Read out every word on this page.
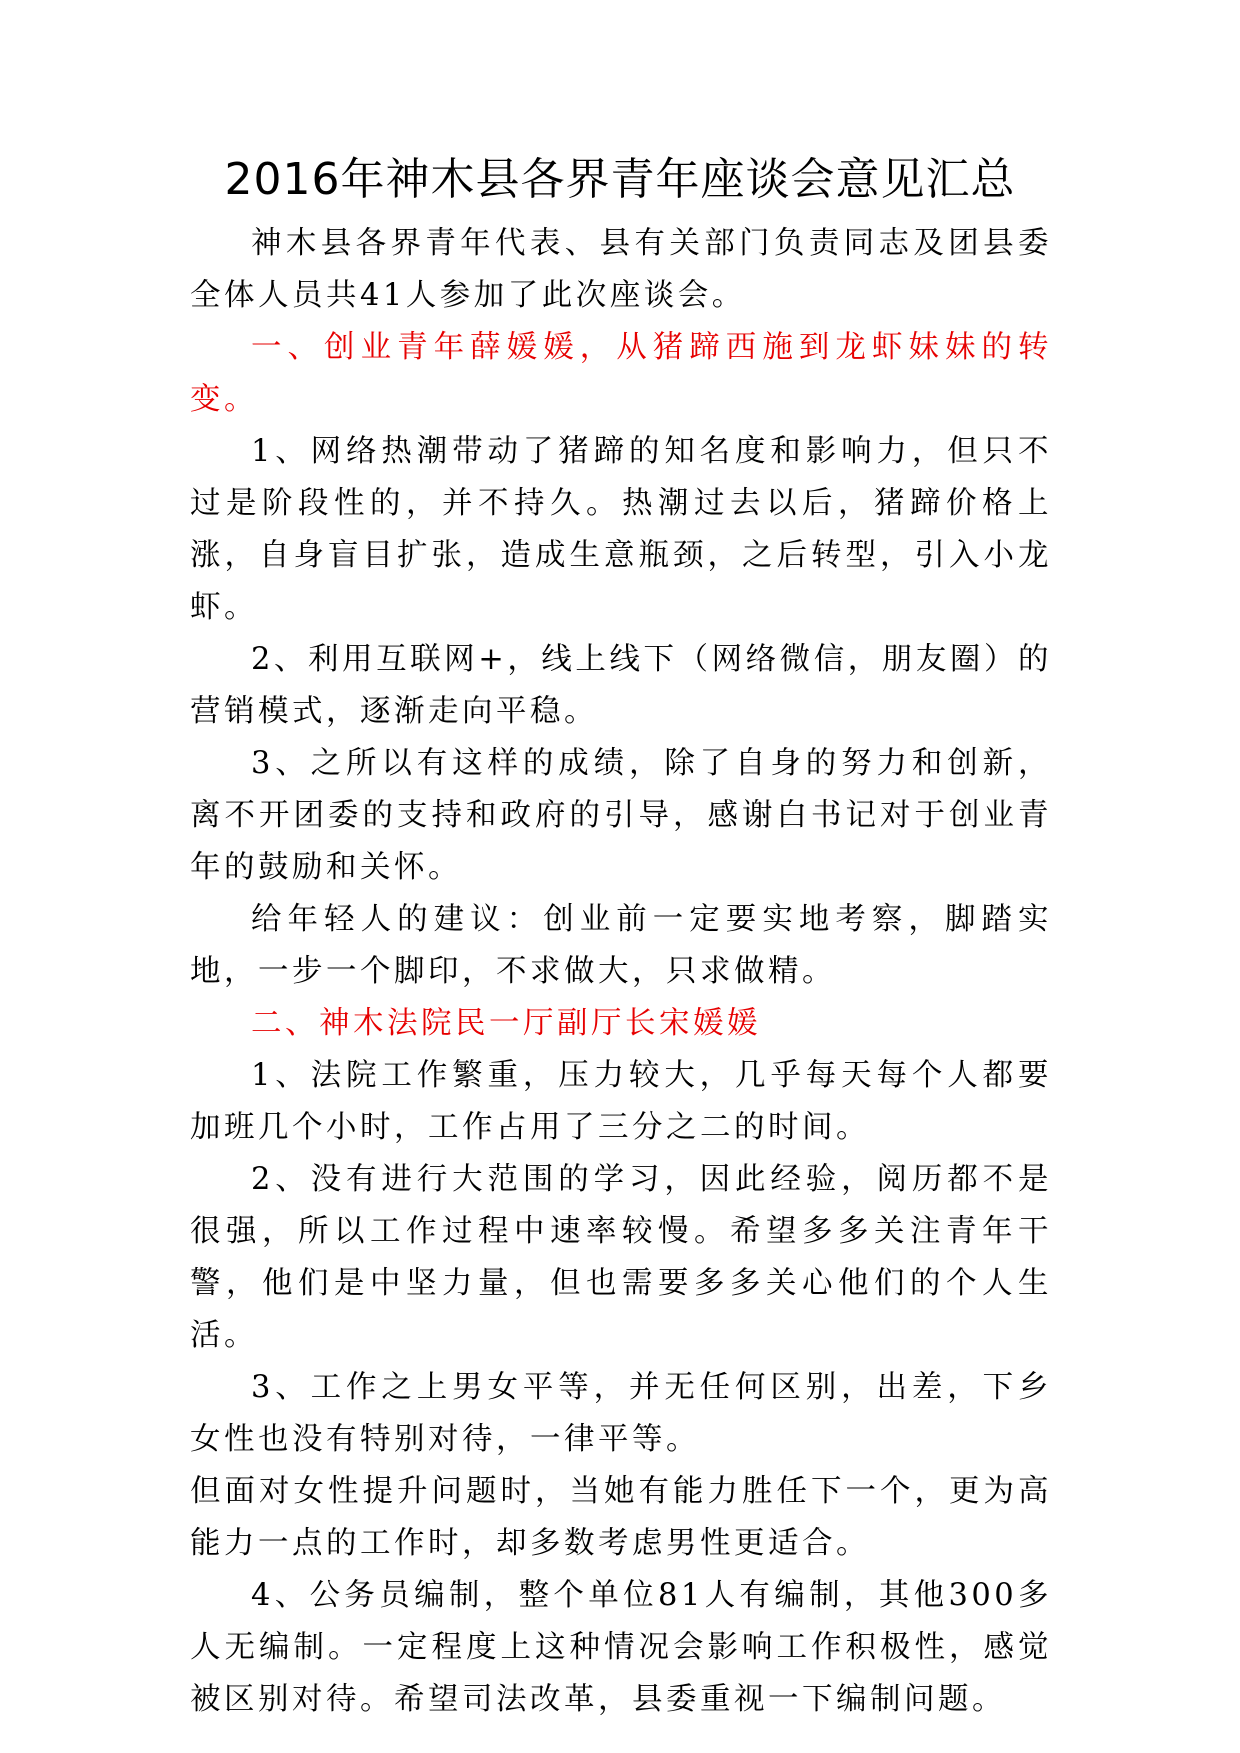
2016年神木县各界青年座谈会意见汇总

神木县各界青年代表、县有关部门负责同志及团县委全体人员共41人参加了此次座谈会。

一、创业青年薛媛媛，从猪蹄西施到龙虾妹妹的转变。

1、网络热潮带动了猪蹄的知名度和影响力，但只不过是阶段性的，并不持久。热潮过去以后，猪蹄价格上涨，自身盲目扩张，造成生意瓶颈，之后转型，引入小龙虾。

2、利用互联网+，线上线下（网络微信，朋友圈）的营销模式，逐渐走向平稳。

3、之所以有这样的成绩，除了自身的努力和创新，离不开团委的支持和政府的引导，感谢白书记对于创业青年的鼓励和关怀。

给年轻人的建议：创业前一定要实地考察，脚踏实地，一步一个脚印，不求做大，只求做精。

二、神木法院民一厅副厅长宋媛媛

1、法院工作繁重，压力较大，几乎每天每个人都要加班几个小时，工作占用了三分之二的时间。

2、没有进行大范围的学习，因此经验，阅历都不是很强，所以工作过程中速率较慢。希望多多关注青年干警，他们是中坚力量，但也需要多多关心他们的个人生活。

3、工作之上男女平等，并无任何区别，出差，下乡女性也没有特别对待，一律平等。

但面对女性提升问题时，当她有能力胜任下一个，更为高能力一点的工作时，却多数考虑男性更适合。

4、公务员编制，整个单位81人有编制，其他300多人无编制。一定程度上这种情况会影响工作积极性，感觉被区别对待。希望司法改革，县委重视一下编制问题。
